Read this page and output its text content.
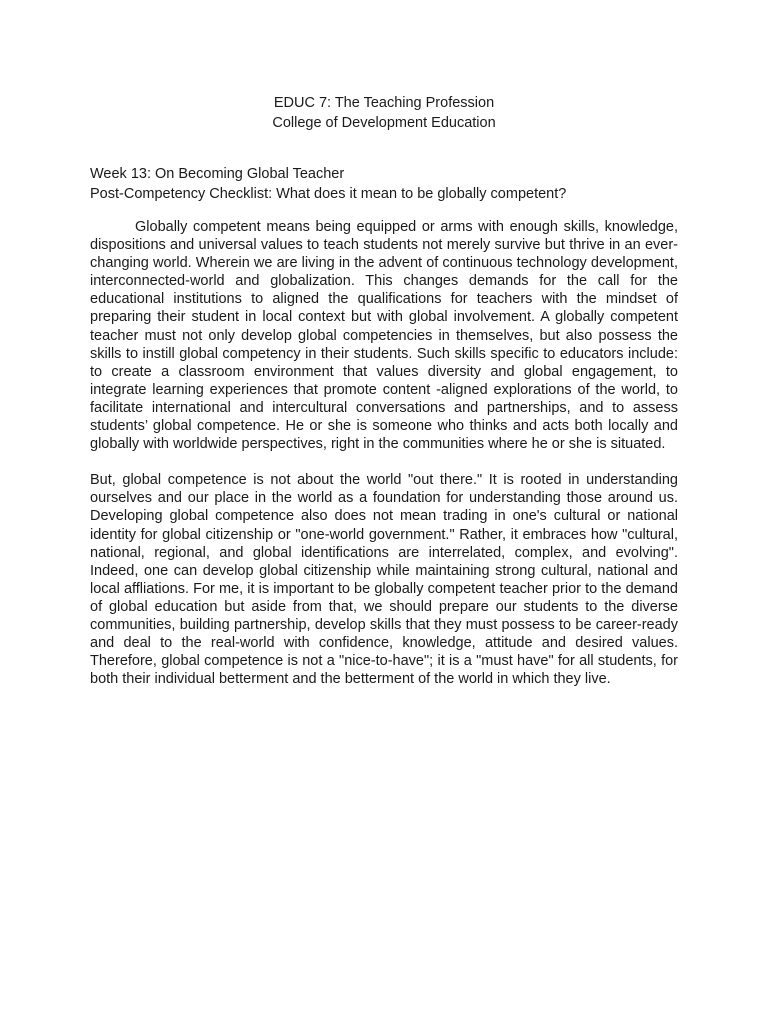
EDUC 7: The Teaching Profession
College of Development Education
Week 13: On Becoming Global Teacher
Post-Competency Checklist: What does it mean to be globally competent?

Globally competent means being equipped or arms with enough skills, knowledge, dispositions and universal values to teach students not merely survive but thrive in an ever-changing world. Wherein we are living in the advent of continuous technology development, interconnected-world and globalization. This changes demands for the call for the educational institutions to aligned the qualifications for teachers with the mindset of preparing their student in local context but with global involvement. A globally competent teacher must not only develop global competencies in themselves, but also possess the skills to instill global competency in their students. Such skills specific to educators include: to create a classroom environment that values diversity and global engagement, to integrate learning experiences that promote content -aligned explorations of the world, to facilitate international and intercultural conversations and partnerships, and to assess students’ global competence. He or she is someone who thinks and acts both locally and globally with worldwide perspectives, right in the communities where he or she is situated.

But, global competence is not about the world "out there." It is rooted in understanding ourselves and our place in the world as a foundation for understanding those around us. Developing global competence also does not mean trading in one's cultural or national identity for global citizenship or "one-world government." Rather, it embraces how "cultural, national, regional, and global identifications are interrelated, complex, and evolving". Indeed, one can develop global citizenship while maintaining strong cultural, national and local affliations. For me, it is important to be globally competent teacher prior to the demand of global education but aside from that, we should prepare our students to the diverse communities, building partnership, develop skills that they must possess to be career-ready and deal to the real-world with confidence, knowledge, attitude and desired values. Therefore, global competence is not a "nice-to-have"; it is a "must have" for all students, for both their individual betterment and the betterment of the world in which they live.
